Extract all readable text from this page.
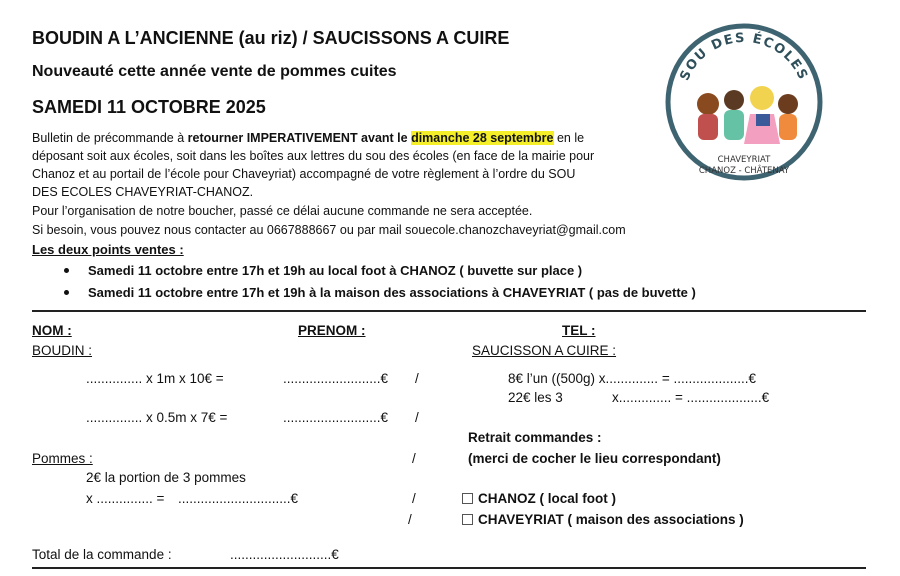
BOUDIN A L’ANCIENNE (au riz) / SAUCISSONS A CUIRE
Nouveauté cette année vente de pommes cuites
SAMEDI 11 OCTOBRE 2025
SOU DES ÉCOLES
CHAVEYRIAT
CHANOZ - CHÂTENAY
Bulletin de précommande à retourner IMPERATIVEMENT avant le dimanche 28 septembre en le
déposant soit aux écoles, soit dans les boîtes aux lettres du sou des écoles (en face de la mairie pour
Chanoz et au portail de l’école pour Chaveyriat) accompagné de votre règlement à l’ordre du SOU
DES ECOLES CHAVEYRIAT-CHANOZ.
Pour l’organisation de notre boucher, passé ce délai aucune commande ne sera acceptée.
Si besoin, vous pouvez nous contacter au 0667888667 ou par mail souecole.chanozchaveyriat@gmail.com
Les deux points ventes :
Samedi 11 octobre entre 17h et 19h au local foot à CHANOZ ( buvette sur place )
Samedi 11 octobre entre 17h et 19h à la maison des associations à CHAVEYRIAT ( pas de buvette )
NOM :	PRENOM :	TEL :
BOUDIN :	SAUCISSON A CUIRE :
............... x 1m x 10€ =	..........................€ /	8€ l’un ((500g) x.............. = ....................€
22€ les 3	x.............. = ....................€
............... x 0.5m x 7€ =	..........................€ /
Retrait commandes :
Pommes :	/	(merci de cocher le lieu correspondant)
2€ la portion de 3 pommes
x ............... = ..............................€	/	CHANOZ ( local foot )
/	CHAVEYRIAT ( maison des associations )
Total de la commande :	...........................€
